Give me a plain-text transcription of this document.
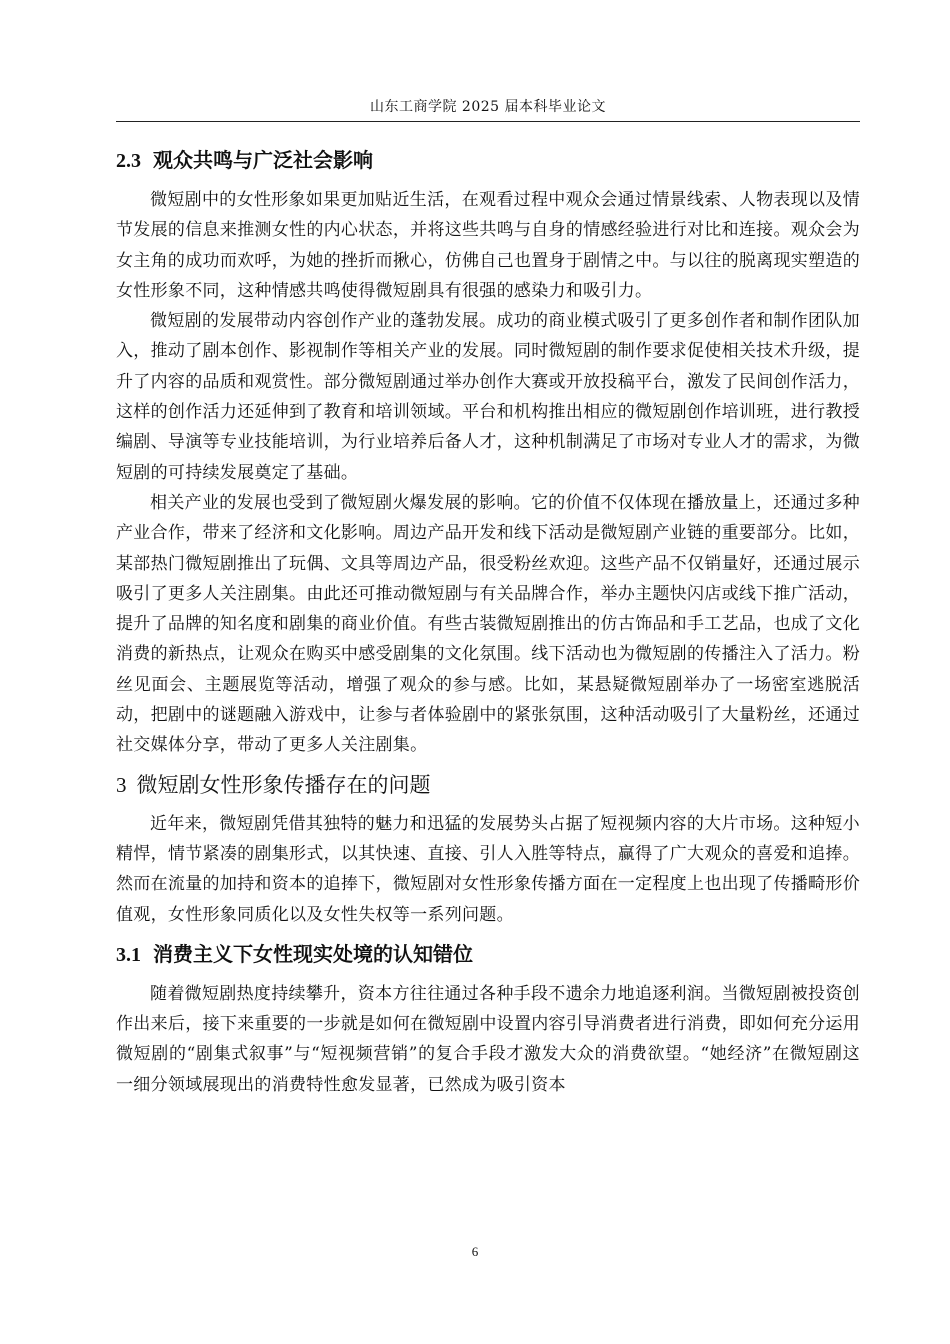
山东工商学院 2025 届本科毕业论文
2.3 观众共鸣与广泛社会影响

微短剧中的女性形象如果更加贴近生活，在观看过程中观众会通过情景线索、人物表现以及情节发展的信息来推测女性的内心状态，并将这些共鸣与自身的情感经验进行对比和连接。观众会为女主角的成功而欢呼，为她的挫折而揪心，仿佛自己也置身于剧情之中。与以往的脱离现实塑造的女性形象不同，这种情感共鸣使得微短剧具有很强的感染力和吸引力。

微短剧的发展带动内容创作产业的蓬勃发展。成功的商业模式吸引了更多创作者和制作团队加入，推动了剧本创作、影视制作等相关产业的发展。同时微短剧的制作要求促使相关技术升级，提升了内容的品质和观赏性。部分微短剧通过举办创作大赛或开放投稿平台，激发了民间创作活力，这样的创作活力还延伸到了教育和培训领域。平台和机构推出相应的微短剧创作培训班，进行教授编剧、导演等专业技能培训，为行业培养后备人才，这种机制满足了市场对专业人才的需求，为微短剧的可持续发展奠定了基础。

相关产业的发展也受到了微短剧火爆发展的影响。它的价值不仅体现在播放量上，还通过多种产业合作，带来了经济和文化影响。周边产品开发和线下活动是微短剧产业链的重要部分。比如，某部热门微短剧推出了玩偶、文具等周边产品，很受粉丝欢迎。这些产品不仅销量好，还通过展示吸引了更多人关注剧集。由此还可推动微短剧与有关品牌合作，举办主题快闪店或线下推广活动，提升了品牌的知名度和剧集的商业价值。有些古装微短剧推出的仿古饰品和手工艺品，也成了文化消费的新热点，让观众在购买中感受剧集的文化氛围。线下活动也为微短剧的传播注入了活力。粉丝见面会、主题展览等活动，增强了观众的参与感。比如，某悬疑微短剧举办了一场密室逃脱活动，把剧中的谜题融入游戏中，让参与者体验剧中的紧张氛围，这种活动吸引了大量粉丝，还通过社交媒体分享，带动了更多人关注剧集。

3 微短剧女性形象传播存在的问题

近年来，微短剧凭借其独特的魅力和迅猛的发展势头占据了短视频内容的大片市场。这种短小精悍，情节紧凑的剧集形式，以其快速、直接、引人入胜等特点，赢得了广大观众的喜爱和追捧。然而在流量的加持和资本的追捧下，微短剧对女性形象传播方面在一定程度上也出现了传播畸形价值观，女性形象同质化以及女性失权等一系列问题。

3.1 消费主义下女性现实处境的认知错位

随着微短剧热度持续攀升，资本方往往通过各种手段不遗余力地追逐利润。当微短剧被投资创作出来后，接下来重要的一步就是如何在微短剧中设置内容引导消费者进行消费，即如何充分运用微短剧的“剧集式叙事”与“短视频营销”的复合手段才激发大众的消费欲望。“她经济”在微短剧这一细分领域展现出的消费特性愈发显著，已然成为吸引资本

6
